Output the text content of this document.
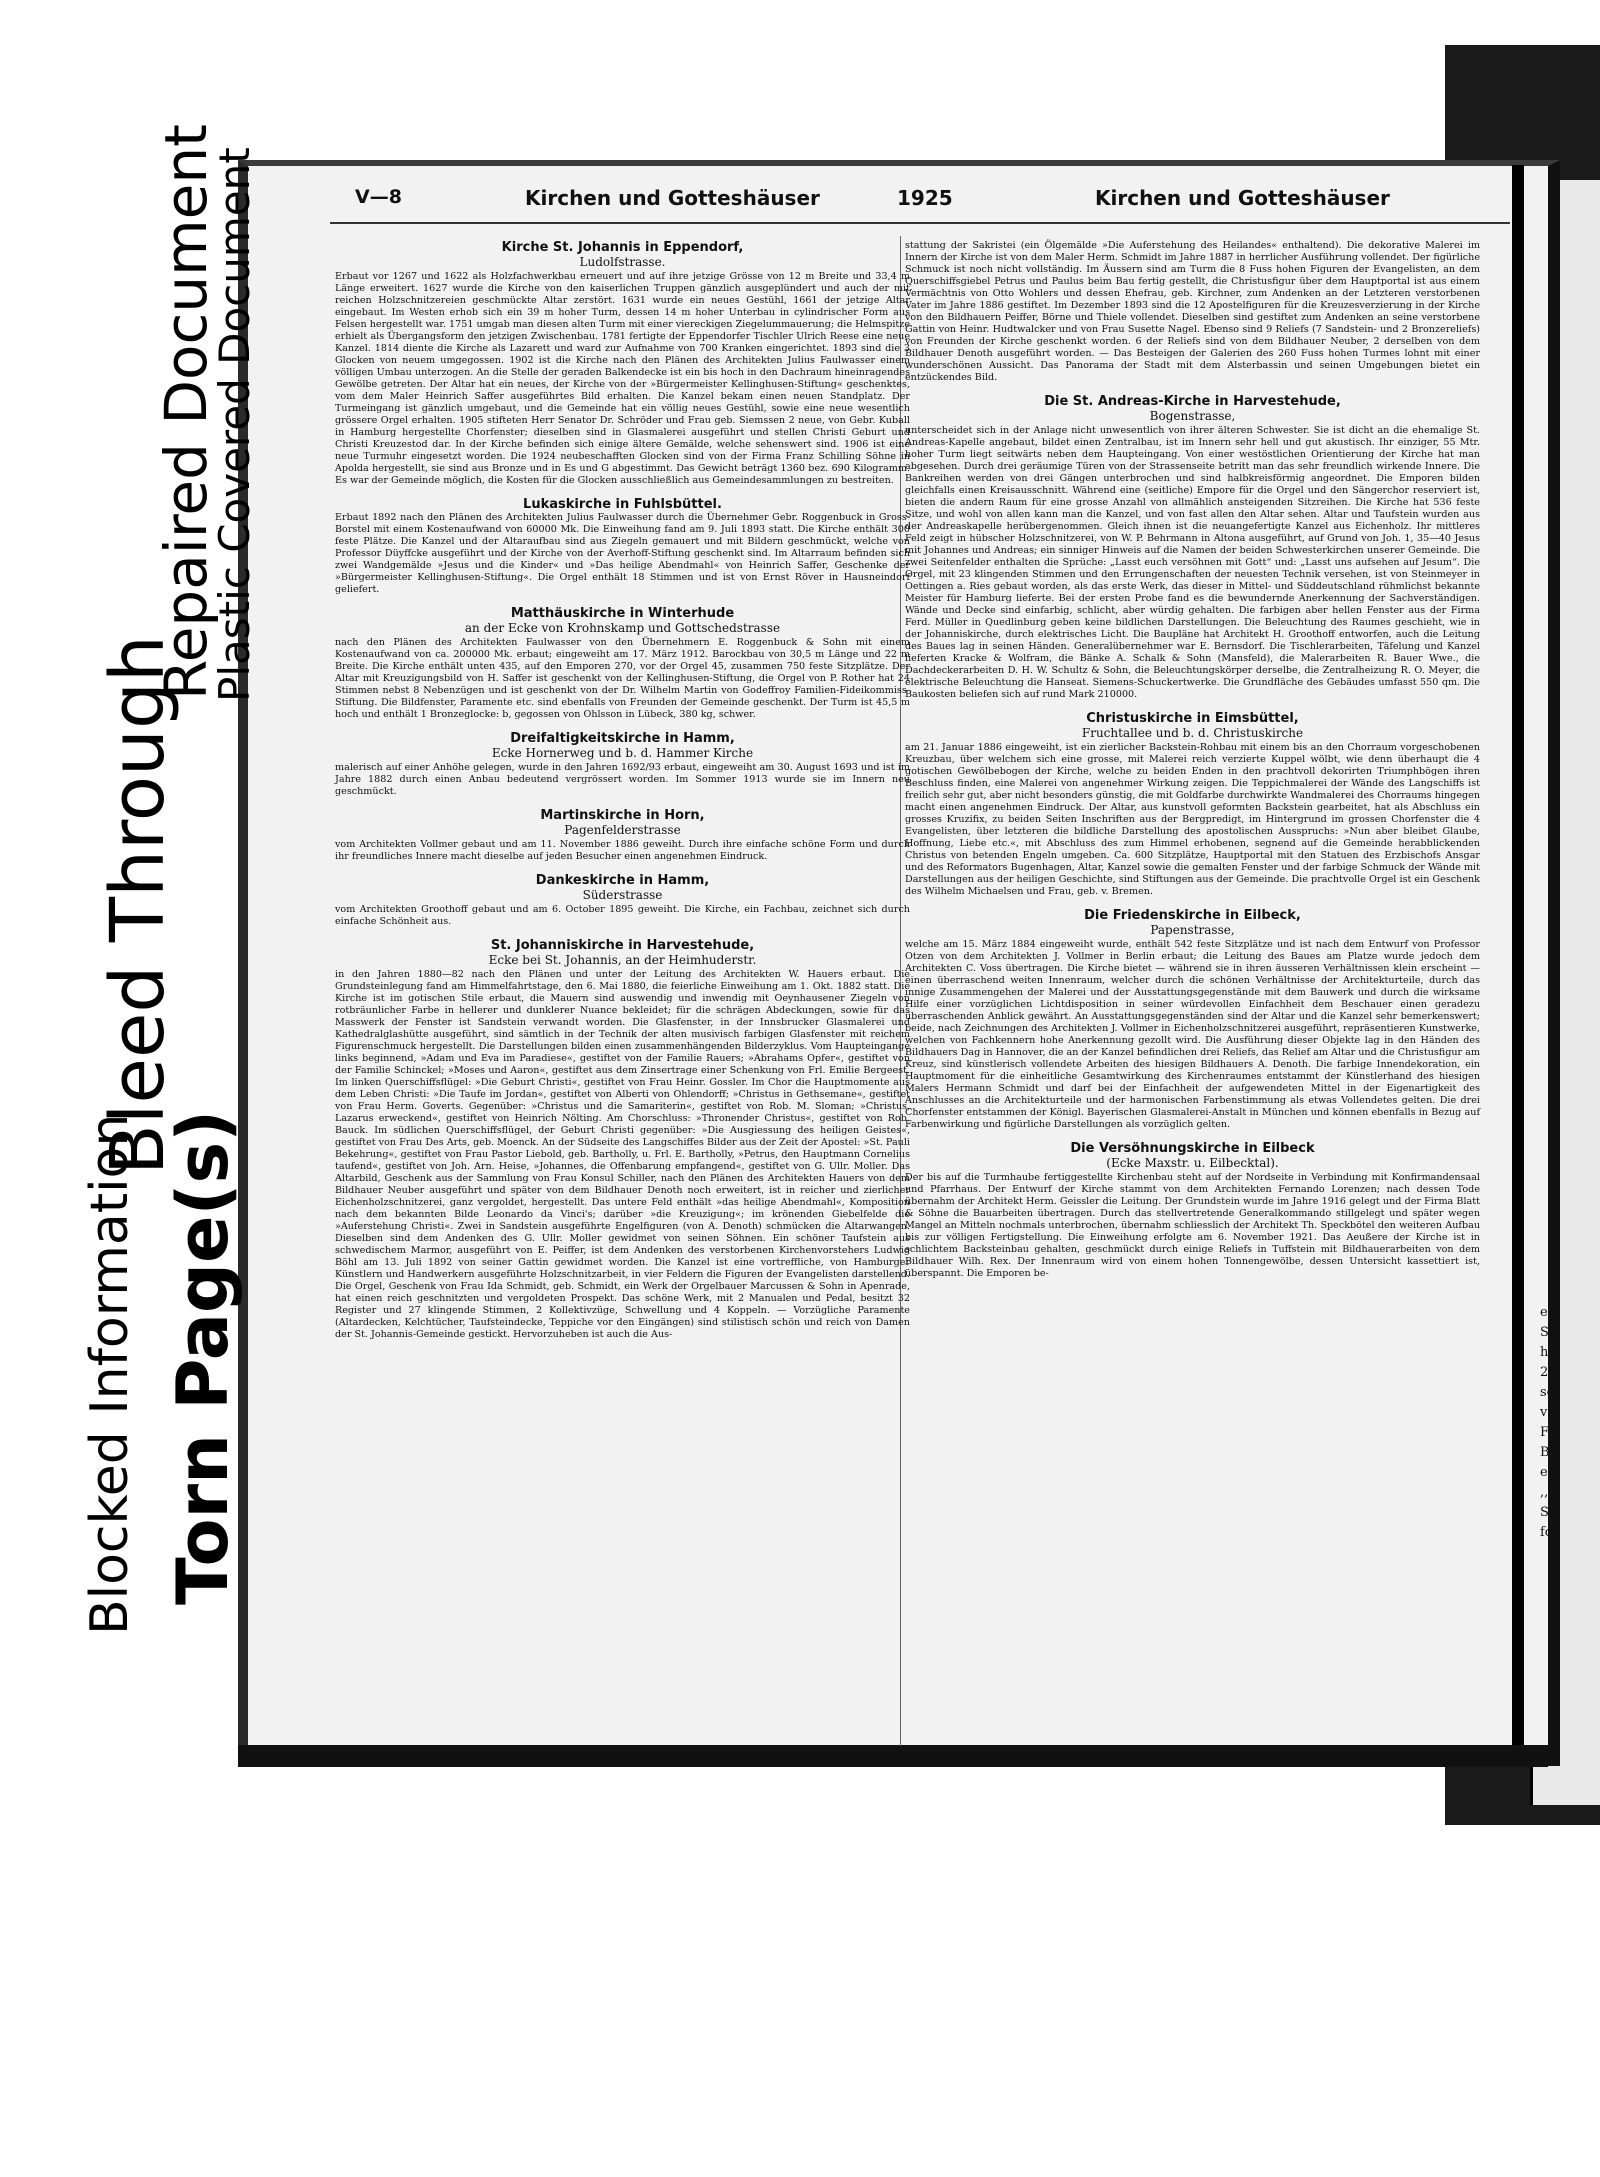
Repaired Document
Plastic Covered Document
Bleed Through
Torn Page(s)
Blocked Information
V—8	Kirchen und Gotteshäuser	1925	Kirchen und Gotteshäuser

Kirche St. Johannis in Eppendorf,

Ludolfstrasse.

Erbaut vor 1267 und 1622 als Holzfachwerkbau erneuert und auf ihre jetzige Grösse von 12 m Breite und 33,4 m Länge erweitert. 1627 wurde die Kirche von den kaiserlichen Truppen gänzlich ausgeplündert und auch der mit reichen Holzschnitzereien geschmückte Altar zerstört. 1631 wurde ein neues Gestühl, 1661 der jetzige Altar eingebaut. Im Westen erhob sich ein 39 m hoher Turm, dessen 14 m hoher Unterbau in cylindrischer Form aus Felsen hergestellt war. 1751 umgab man diesen alten Turm mit einer viereckigen Ziegelummauerung; die Helmspitze erhielt als Übergangsform den jetzigen Zwischenbau. 1781 fertigte der Eppendorfer Tischler Ulrich Reese eine neue Kanzel. 1814 diente die Kirche als Lazarett und ward zur Aufnahme von 700 Kranken eingerichtet. 1893 sind die 3 Glocken von neuem umgegossen. 1902 ist die Kirche nach den Plänen des Architekten Julius Faulwasser einem völligen Umbau unterzogen. An die Stelle der geraden Balkendecke ist ein bis hoch in den Dachraum hineinragendes Gewölbe getreten. Der Altar hat ein neues, der Kirche von der »Bürgermeister Kellinghusen-Stiftung« geschenktes, vom dem Maler Heinrich Saffer ausgeführtes Bild erhalten. Die Kanzel bekam einen neuen Standplatz. Der Turmeingang ist gänzlich umgebaut, und die Gemeinde hat ein völlig neues Gestühl, sowie eine neue wesentlich grössere Orgel erhalten. 1905 stifteten Herr Senator Dr. Schröder und Frau geb. Siemssen 2 neue, von Gebr. Kuball in Hamburg hergestellte Chorfenster; dieselben sind in Glasmalerei ausgeführt und stellen Christi Geburt und Christi Kreuzestod dar. In der Kirche befinden sich einige ältere Gemälde, welche sehenswert sind. 1906 ist eine neue Turmuhr eingesetzt worden. Die 1924 neubeschafften Glocken sind von der Firma Franz Schilling Söhne in Apolda hergestellt, sie sind aus Bronze und in Es und G abgestimmt. Das Gewicht beträgt 1360 bez. 690 Kilogramm. Es war der Gemeinde möglich, die Kosten für die Glocken ausschließlich aus Gemeindesammlungen zu bestreiten.

Lukaskirche in Fuhlsbüttel.

Erbaut 1892 nach den Plänen des Architekten Julius Faulwasser durch die Übernehmer Gebr. Roggenbuck in Gross-Borstel mit einem Kostenaufwand von 60000 Mk. Die Einweihung fand am 9. Juli 1893 statt. Die Kirche enthält 300 feste Plätze. Die Kanzel und der Altaraufbau sind aus Ziegeln gemauert und mit Bildern geschmückt, welche von Professor Düyffcke ausgeführt und der Kirche von der Averhoff-Stiftung geschenkt sind. Im Altarraum befinden sich zwei Wandgemälde »Jesus und die Kinder« und »Das heilige Abendmahl« von Heinrich Saffer, Geschenke der »Bürgermeister Kellinghusen-Stiftung«. Die Orgel enthält 18 Stimmen und ist von Ernst Röver in Hausneindorf geliefert.

Matthäuskirche in Winterhude

an der Ecke von Krohnskamp und Gottschedstrasse

nach den Plänen des Architekten Faulwasser von den Übernehmern E. Roggenbuck & Sohn mit einem Kostenaufwand von ca. 200000 Mk. erbaut; eingeweiht am 17. März 1912. Barockbau von 30,5 m Länge und 22 m Breite. Die Kirche enthält unten 435, auf den Emporen 270, vor der Orgel 45, zusammen 750 feste Sitzplätze. Der Altar mit Kreuzigungsbild von H. Saffer ist geschenkt von der Kellinghusen-Stiftung, die Orgel von P. Rother hat 24 Stimmen nebst 8 Nebenzügen und ist geschenkt von der Dr. Wilhelm Martin von Godeffroy Familien-Fideikommiss-Stiftung. Die Bildfenster, Paramente etc. sind ebenfalls von Freunden der Gemeinde geschenkt. Der Turm ist 45,5 m hoch und enthält 1 Bronzeglocke: b, gegossen von Ohlsson in Lübeck, 380 kg, schwer.

Dreifaltigkeitskirche in Hamm,

Ecke Hornerweg und b. d. Hammer Kirche

malerisch auf einer Anhöhe gelegen, wurde in den Jahren 1692/93 erbaut, eingeweiht am 30. August 1693 und ist im Jahre 1882 durch einen Anbau bedeutend vergrössert worden. Im Sommer 1913 wurde sie im Innern neu geschmückt.

Martinskirche in Horn,

Pagenfelderstrasse

vom Architekten Vollmer gebaut und am 11. November 1886 geweiht. Durch ihre einfache schöne Form und durch ihr freundliches Innere macht dieselbe auf jeden Besucher einen angenehmen Eindruck.

Dankeskirche in Hamm,

Süderstrasse

vom Architekten Groothoff gebaut und am 6. October 1895 geweiht. Die Kirche, ein Fachbau, zeichnet sich durch einfache Schönheit aus.

St. Johanniskirche in Harvestehude,

Ecke bei St. Johannis, an der Heimhuderstr.

in den Jahren 1880—82 nach den Plänen und unter der Leitung des Architekten W. Hauers erbaut. Die Grundsteinlegung fand am Himmelfahrtstage, den 6. Mai 1880, die feierliche Einweihung am 1. Okt. 1882 statt. Die Kirche ist im gotischen Stile erbaut, die Mauern sind auswendig und inwendig mit Oeynhausener Ziegeln von rotbräunlicher Farbe in hellerer und dunklerer Nuance bekleidet; für die schrägen Abdeckungen, sowie für das Masswerk der Fenster ist Sandstein verwandt worden. Die Glasfenster, in der Innsbrucker Glasmalerei und Kathedralglashütte ausgeführt, sind sämtlich in der Technik der alten musivisch farbigen Glasfenster mit reichem Figurenschmuck hergestellt. Die Darstellungen bilden einen zusammenhängenden Bilderzyklus. Vom Haupteingange links beginnend, »Adam und Eva im Paradiese«, gestiftet von der Familie Rauers; »Abrahams Opfer«, gestiftet von der Familie Schinckel; »Moses und Aaron«, gestiftet aus dem Zinsertrage einer Schenkung von Frl. Emilie Bergeest. Im linken Querschiffsflügel: »Die Geburt Christi«, gestiftet von Frau Heinr. Gossler. Im Chor die Hauptmomente aus dem Leben Christi: »Die Taufe im Jordan«, gestiftet von Alberti von Ohlendorff; »Christus in Gethsemane«, gestiftet von Frau Herm. Goverts. Gegenüber: »Christus und die Samariterin«, gestiftet von Rob. M. Sloman; »Christus, Lazarus erweckend«, gestiftet von Heinrich Nölting. Am Chorschluss: »Thronender Christus«, gestiftet von Rob. Bauck. Im südlichen Querschiffsflügel, der Geburt Christi gegenüber: »Die Ausgiessung des heiligen Geistes«, gestiftet von Frau Des Arts, geb. Moenck. An der Südseite des Langschiffes Bilder aus der Zeit der Apostel: »St. Pauli Bekehrung«, gestiftet von Frau Pastor Liebold, geb. Bartholly, u. Frl. E. Bartholly, »Petrus, den Hauptmann Cornelius taufend«, gestiftet von Joh. Arn. Heise, »Johannes, die Offenbarung empfangend«, gestiftet von G. Ullr. Moller. Das Altarbild, Geschenk aus der Sammlung von Frau Konsul Schiller, nach den Plänen des Architekten Hauers von dem Bildhauer Neuber ausgeführt und später von dem Bildhauer Denoth noch erweitert, ist in reicher und zierlicher Eichenholzschnitzerei, ganz vergoldet, hergestellt. Das untere Feld enthält »das heilige Abendmahl«, Komposition nach dem bekannten Bilde Leonardo da Vinci's; darüber »die Kreuzigung«; im krönenden Giebelfelde die »Auferstehung Christi«. Zwei in Sandstein ausgeführte Engelfiguren (von A. Denoth) schmücken die Altarwangen. Dieselben sind dem Andenken des G. Ullr. Moller gewidmet von seinen Söhnen. Ein schöner Taufstein aus schwedischem Marmor, ausgeführt von E. Peiffer, ist dem Andenken des verstorbenen Kirchenvorstehers Ludwig Böhl am 13. Juli 1892 von seiner Gattin gewidmet worden. Die Kanzel ist eine vortreffliche, von Hamburger Künstlern und Handwerkern ausgeführte Holzschnitzarbeit, in vier Feldern die Figuren der Evangelisten darstellend. Die Orgel, Geschenk von Frau Ida Schmidt, geb. Schmidt, ein Werk der Orgelbauer Marcussen & Sohn in Apenrade, hat einen reich geschnitzten und vergoldeten Prospekt. Das schöne Werk, mit 2 Manualen und Pedal, besitzt 32 Register und 27 klingende Stimmen, 2 Kollektivzüge, Schwellung und 4 Koppeln. — Vorzügliche Paramente (Altardecken, Kelchtücher, Taufsteindecke, Teppiche vor den Eingängen) sind stilistisch schön und reich von Damen der St. Johannis-Gemeinde gestickt. Hervorzuheben ist auch die Aus-

stattung der Sakristei (ein Ölgemälde »Die Auferstehung des Heilandes« enthaltend). Die dekorative Malerei im Innern der Kirche ist von dem Maler Herm. Schmidt im Jahre 1887 in herrlicher Ausführung vollendet. Der figürliche Schmuck ist noch nicht vollständig. Im Äussern sind am Turm die 8 Fuss hohen Figuren der Evangelisten, an dem Querschiffsgiebel Petrus und Paulus beim Bau fertig gestellt, die Christusfigur über dem Hauptportal ist aus einem Vermächtnis von Otto Wohlers und dessen Ehefrau, geb. Kirchner, zum Andenken an der Letzteren verstorbenen Vater im Jahre 1886 gestiftet. Im Dezember 1893 sind die 12 Apostelfiguren für die Kreuzesverzierung in der Kirche von den Bildhauern Peiffer, Börne und Thiele vollendet. Dieselben sind gestiftet zum Andenken an seine verstorbene Gattin von Heinr. Hudtwalcker und von Frau Susette Nagel. Ebenso sind 9 Reliefs (7 Sandstein- und 2 Bronzereliefs) von Freunden der Kirche geschenkt worden. 6 der Reliefs sind von dem Bildhauer Neuber, 2 derselben von dem Bildhauer Denoth ausgeführt worden. — Das Besteigen der Galerien des 260 Fuss hohen Turmes lohnt mit einer wunderschönen Aussicht. Das Panorama der Stadt mit dem Alsterbassin und seinen Umgebungen bietet ein entzückendes Bild.

Die St. Andreas-Kirche in Harvestehude,

Bogenstrasse,

unterscheidet sich in der Anlage nicht unwesentlich von ihrer älteren Schwester. Sie ist dicht an die ehemalige St. Andreas-Kapelle angebaut, bildet einen Zentralbau, ist im Innern sehr hell und gut akustisch. Ihr einziger, 55 Mtr. hoher Turm liegt seitwärts neben dem Haupteingang. Von einer westöstlichen Orientierung der Kirche hat man abgesehen. Durch drei geräumige Türen von der Strassenseite betritt man das sehr freundlich wirkende Innere. Die Bankreihen werden von drei Gängen unterbrochen und sind halbkreisförmig angeordnet. Die Emporen bilden gleichfalls einen Kreisausschnitt. Während eine (seitliche) Empore für die Orgel und den Sängerchor reserviert ist, bieten die andern Raum für eine grosse Anzahl von allmählich ansteigenden Sitzreihen. Die Kirche hat 536 feste Sitze, und wohl von allen kann man die Kanzel, und von fast allen den Altar sehen. Altar und Taufstein wurden aus der Andreaskapelle herübergenommen. Gleich ihnen ist die neuangefertigte Kanzel aus Eichenholz. Ihr mittleres Feld zeigt in hübscher Holzschnitzerei, von W. P. Behrmann in Altona ausgeführt, auf Grund von Joh. 1, 35—40 Jesus mit Johannes und Andreas; ein sinniger Hinweis auf die Namen der beiden Schwesterkirchen unserer Gemeinde. Die zwei Seitenfelder enthalten die Sprüche: „Lasst euch versöhnen mit Gott“ und: „Lasst uns aufsehen auf Jesum“. Die Orgel, mit 23 klingenden Stimmen und den Errungenschaften der neuesten Technik versehen, ist von Steinmeyer in Oettingen a. Ries gebaut worden, als das erste Werk, das dieser in Mittel- und Süddeutschland rühmlichst bekannte Meister für Hamburg lieferte. Bei der ersten Probe fand es die bewundernde Anerkennung der Sachverständigen. Wände und Decke sind einfarbig, schlicht, aber würdig gehalten. Die farbigen aber hellen Fenster aus der Firma Ferd. Müller in Quedlinburg geben keine bildlichen Darstellungen. Die Beleuchtung des Raumes geschieht, wie in der Johanniskirche, durch elektrisches Licht. Die Baupläne hat Architekt H. Groothoff entworfen, auch die Leitung des Baues lag in seinen Händen. Generalübernehmer war E. Bernsdorf. Die Tischlerarbeiten, Täfelung und Kanzel lieferten Kracke & Wolfram, die Bänke A. Schalk & Sohn (Mansfeld), die Malerarbeiten R. Bauer Wwe., die Dachdeckerarbeiten D. H. W. Schultz & Sohn, die Beleuchtungskörper derselbe, die Zentralheizung R. O. Meyer, die elektrische Beleuchtung die Hanseat. Siemens-Schuckertwerke. Die Grundfläche des Gebäudes umfasst 550 qm. Die Baukosten beliefen sich auf rund Mark 210000.

Christuskirche in Eimsbüttel,

Fruchtallee und b. d. Christuskirche

am 21. Januar 1886 eingeweiht, ist ein zierlicher Backstein-Rohbau mit einem bis an den Chorraum vorgeschobenen Kreuzbau, über welchem sich eine grosse, mit Malerei reich verzierte Kuppel wölbt, wie denn überhaupt die 4 gotischen Gewölbebogen der Kirche, welche zu beiden Enden in den prachtvoll dekorirten Triumphbögen ihren Beschluss finden, eine Malerei von angenehmer Wirkung zeigen. Die Teppichmalerei der Wände des Langschiffs ist freilich sehr gut, aber nicht besonders günstig, die mit Goldfarbe durchwirkte Wandmalerei des Chorraums hingegen macht einen angenehmen Eindruck. Der Altar, aus kunstvoll geformten Backstein gearbeitet, hat als Abschluss ein grosses Kruzifix, zu beiden Seiten Inschriften aus der Bergpredigt, im Hintergrund im grossen Chorfenster die 4 Evangelisten, über letzteren die bildliche Darstellung des apostolischen Ausspruchs: »Nun aber bleibet Glaube, Hoffnung, Liebe etc.«, mit Abschluss des zum Himmel erhobenen, segnend auf die Gemeinde herabblickenden Christus von betenden Engeln umgeben. Ca. 600 Sitzplätze, Hauptportal mit den Statuen des Erzbischofs Ansgar und des Reformators Bugenhagen, Altar, Kanzel sowie die gemalten Fenster und der farbige Schmuck der Wände mit Darstellungen aus der heiligen Geschichte, sind Stiftungen aus der Gemeinde. Die prachtvolle Orgel ist ein Geschenk des Wilhelm Michaelsen und Frau, geb. v. Bremen.

Die Friedenskirche in Eilbeck,

Papenstrasse,

welche am 15. März 1884 eingeweiht wurde, enthält 542 feste Sitzplätze und ist nach dem Entwurf von Professor Otzen von dem Architekten J. Vollmer in Berlin erbaut; die Leitung des Baues am Platze wurde jedoch dem Architekten C. Voss übertragen. Die Kirche bietet — während sie in ihren äusseren Verhältnissen klein erscheint — einen überraschend weiten Innenraum, welcher durch die schönen Verhältnisse der Architekturteile, durch das innige Zusammengehen der Malerei und der Ausstattungsgegenstände mit dem Bauwerk und durch die wirksame Hilfe einer vorzüglichen Lichtdisposition in seiner würdevollen Einfachheit dem Beschauer einen geradezu überraschenden Anblick gewährt. An Ausstattungsgegenständen sind der Altar und die Kanzel sehr bemerkenswert; beide, nach Zeichnungen des Architekten J. Vollmer in Eichenholzschnitzerei ausgeführt, repräsentieren Kunstwerke, welchen von Fachkennern hohe Anerkennung gezollt wird. Die Ausführung dieser Objekte lag in den Händen des Bildhauers Dag in Hannover, die an der Kanzel befindlichen drei Reliefs, das Relief am Altar und die Christusfigur am Kreuz, sind künstlerisch vollendete Arbeiten des hiesigen Bildhauers A. Denoth. Die farbige Innendekoration, ein Hauptmoment für die einheitliche Gesamtwirkung des Kirchenraumes entstammt der Künstlerhand des hiesigen Malers Hermann Schmidt und darf bei der Einfachheit der aufgewendeten Mittel in der Eigenartigkeit des Anschlusses an die Architekturteile und der harmonischen Farbenstimmung als etwas Vollendetes gelten. Die drei Chorfenster entstammen der Königl. Bayerischen Glasmalerei-Anstalt in München und können ebenfalls in Bezug auf Farbenwirkung und figürliche Darstellungen als vorzüglich gelten.

Die Versöhnungskirche in Eilbeck

(Ecke Maxstr. u. Eilbecktal).

Der bis auf die Turmhaube fertiggestellte Kirchenbau steht auf der Nordseite in Verbindung mit Konfirmandensaal und Pfarrhaus. Der Entwurf der Kirche stammt von dem Architekten Fernando Lorenzen; nach dessen Tode übernahm der Architekt Herm. Geissler die Leitung. Der Grundstein wurde im Jahre 1916 gelegt und der Firma Blatt & Söhne die Bauarbeiten übertragen. Durch das stellvertretende Generalkommando stillgelegt und später wegen Mangel an Mitteln nochmals unterbrochen, übernahm schliesslich der Architekt Th. Speckbötel den weiteren Aufbau bis zur völligen Fertigstellung. Die Einweihung erfolgte am 6. November 1921. Das Aeußere der Kirche ist in schlichtem Backsteinbau gehalten, geschmückt durch einige Reliefs in Tuffstein mit Bildhauerarbeiten von dem Bildhauer Wilh. Rex. Der Innenraum wird von einem hohen Tonnengewölbe, dessen Untersicht kassettiert ist, überspannt. Die Emporen be-

er
Sä
hi
25
sc
ve
Fr
Ba
ei
,,S
Sc
fo
